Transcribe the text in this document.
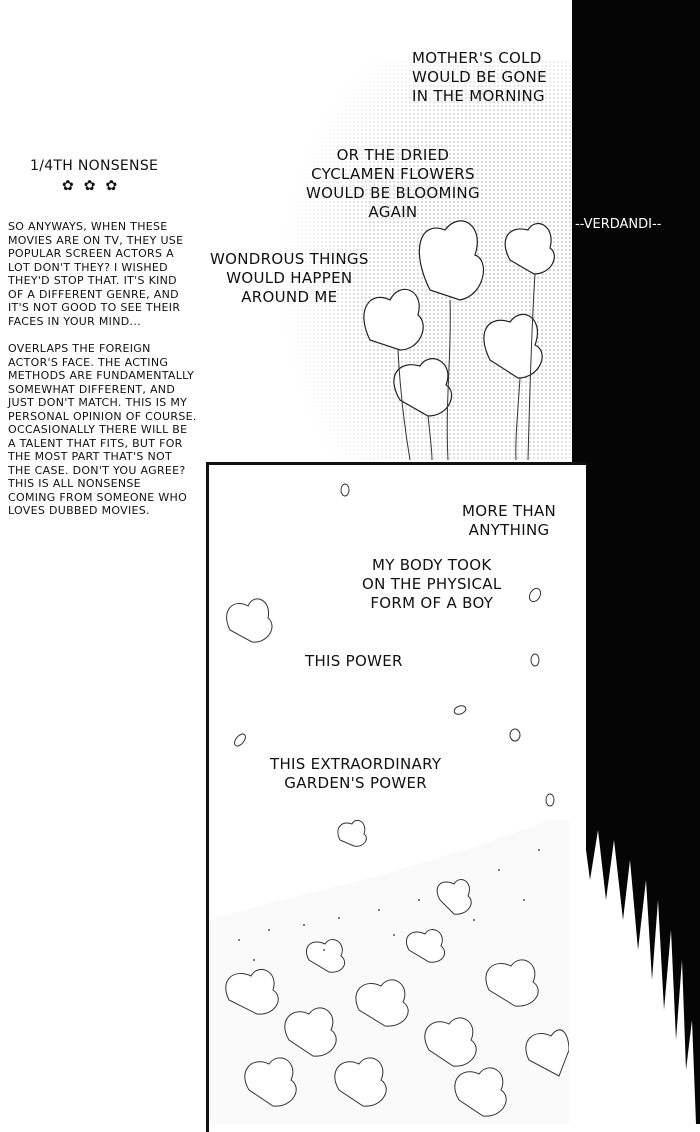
--VERDANDI--
1/4TH NONSENSE
✿✿✿
SO ANYWAYS, WHEN THESE
MOVIES ARE ON TV, THEY USE
POPULAR SCREEN ACTORS A
LOT DON'T THEY? I WISHED
THEY'D STOP THAT. IT'S KIND
OF A DIFFERENT GENRE, AND
IT'S NOT GOOD TO SEE THEIR
FACES IN YOUR MIND...
OVERLAPS THE FOREIGN
ACTOR'S FACE. THE ACTING
METHODS ARE FUNDAMENTALLY
SOMEWHAT DIFFERENT, AND
JUST DON'T MATCH. THIS IS MY
PERSONAL OPINION OF COURSE.
OCCASIONALLY THERE WILL BE
A TALENT THAT FITS, BUT FOR
THE MOST PART THAT'S NOT
THE CASE. DON'T YOU AGREE?
THIS IS ALL NONSENSE
COMING FROM SOMEONE WHO
LOVES DUBBED MOVIES.
MOTHER'S COLD
WOULD BE GONE
IN THE MORNING
OR THE DRIED
CYCLAMEN FLOWERS
WOULD BE BLOOMING
AGAIN
WONDROUS THINGS
WOULD HAPPEN
AROUND ME
MORE THAN
ANYTHING
MY BODY TOOK
ON THE PHYSICAL
FORM OF A BOY
THIS POWER
THIS EXTRAORDINARY
GARDEN'S POWER
